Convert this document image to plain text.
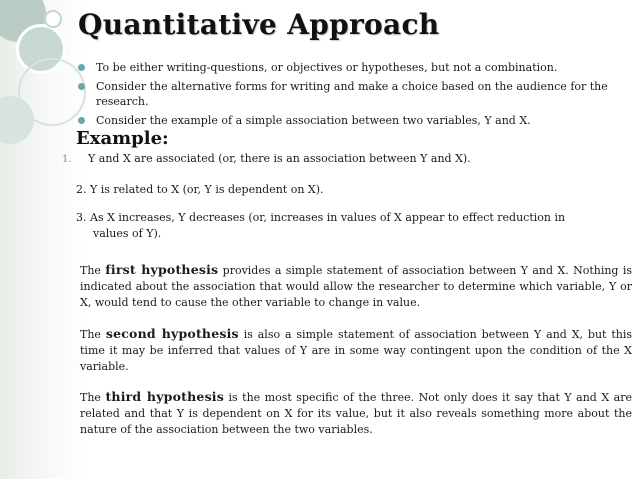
Quantitative Approach
To be either writing-questions, or objectives or hypotheses, but not a combination.
Consider the alternative forms for writing and make a choice based on the audience for the research.
Consider the example of a simple association between two variables, Y and X.
Example:
1. Y and X are associated (or, there is an association between Y and X).
2. Y is related to X (or, Y is dependent on X).
3. As X increases, Y decreases (or, increases in values of X appear to effect reduction in
values of Y).
The first hypothesis provides a simple statement of association between Y and X. Nothing is indicated about the association that would allow the researcher to determine which variable, Y or X, would tend to cause the other variable to change in value.
The second hypothesis is also a simple statement of association between Y and X, but this time it may be inferred that values of Y are in some way contingent upon the condition of the X variable.
The third hypothesis is the most specific of the three. Not only does it say that Y and X are related and that Y is dependent on X for its value, but it also reveals something more about the nature of the association between the two variables.
